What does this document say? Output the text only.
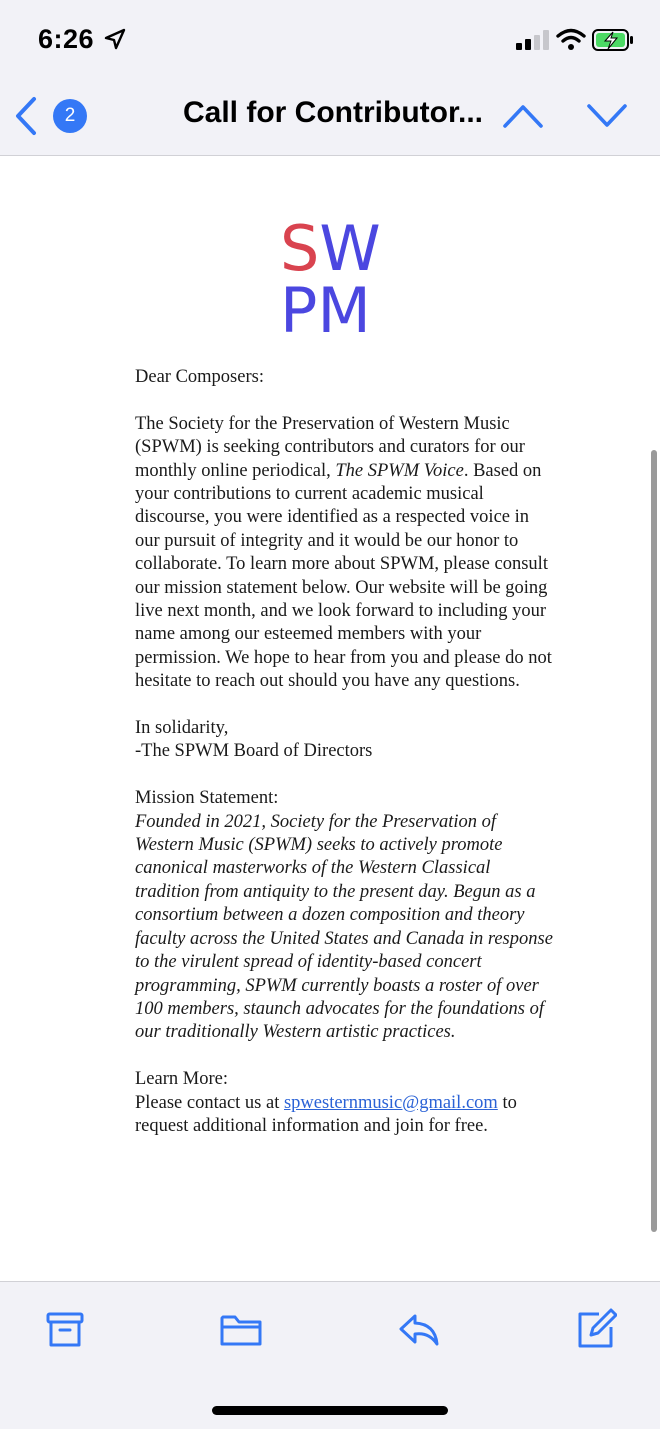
6:26
2	Call for Contributor...
SW
PM

Dear Composers:

The Society for the Preservation of Western Music (SPWM) is seeking contributors and curators for our monthly online periodical, The SPWM Voice. Based on your contributions to current academic musical discourse, you were identified as a respected voice in our pursuit of integrity and it would be our honor to collaborate. To learn more about SPWM, please consult our mission statement below. Our website will be going live next month, and we look forward to including your name among our esteemed members with your permission. We hope to hear from you and please do not hesitate to reach out should you have any questions.

In solidarity,
-The SPWM Board of Directors

Mission Statement:
Founded in 2021, Society for the Preservation of Western Music (SPWM) seeks to actively promote canonical masterworks of the Western Classical tradition from antiquity to the present day. Begun as a consortium between a dozen composition and theory faculty across the United States and Canada in response to the virulent spread of identity-based concert programming, SPWM currently boasts a roster of over 100 members, staunch advocates for the foundations of our traditionally Western artistic practices.

Learn More:
Please contact us at spwesternmusic@gmail.com to request additional information and join for free.
